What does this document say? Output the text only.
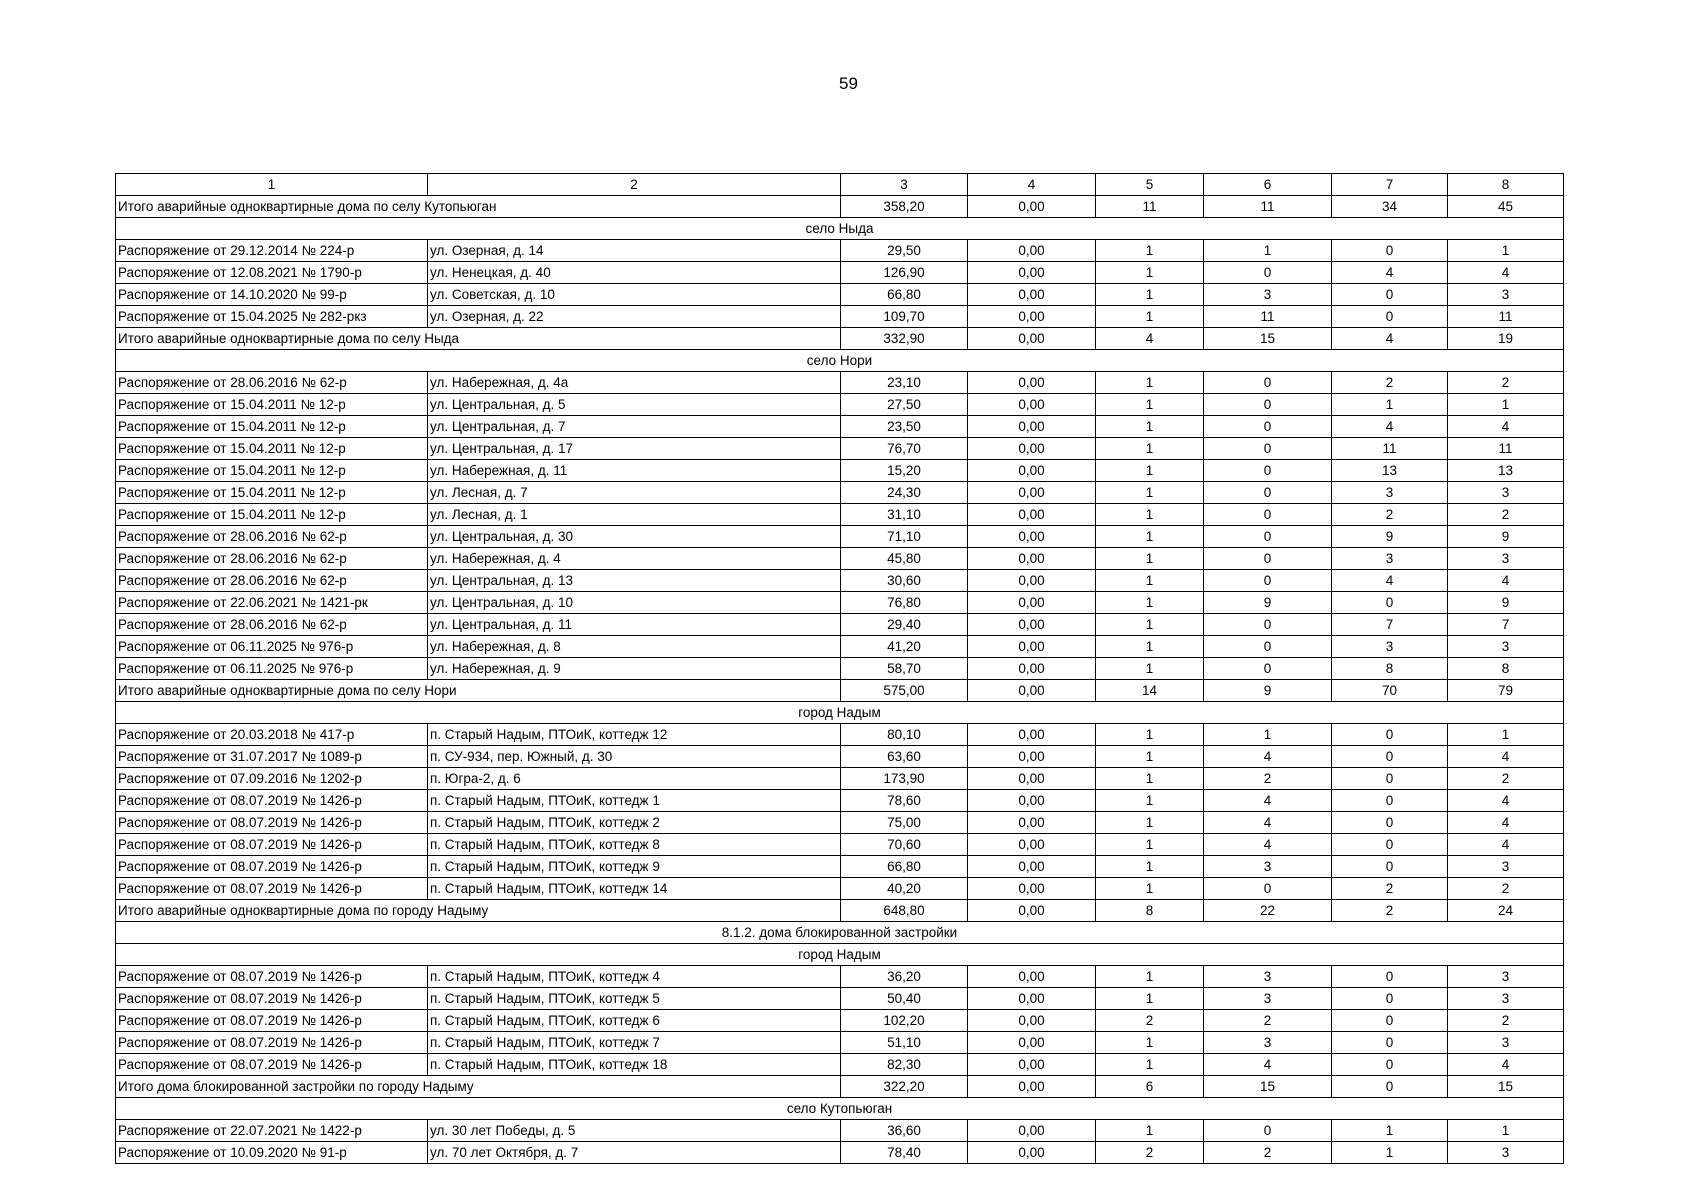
59
1	2	3	4	5	6	7	8
Итого аварийные одноквартирные дома по селу Кутопьюган		358,20	0,00	11	11	34	45
село Ныда							
Распоряжение от 29.12.2014 № 224-р	ул. Озерная, д. 14	29,50	0,00	1	1	0	1
Распоряжение от 12.08.2021 № 1790-р	ул. Ненецкая, д. 40	126,90	0,00	1	0	4	4
Распоряжение от 14.10.2020 № 99-р	ул. Советская, д. 10	66,80	0,00	1	3	0	3
Распоряжение от 15.04.2025 № 282-ркз	ул. Озерная, д. 22	109,70	0,00	1	11	0	11
Итого аварийные одноквартирные дома по селу Ныда		332,90	0,00	4	15	4	19
село Нори							
Распоряжение от 28.06.2016 № 62-р	ул. Набережная, д. 4а	23,10	0,00	1	0	2	2
Распоряжение от 15.04.2011 № 12-р	ул. Центральная, д. 5	27,50	0,00	1	0	1	1
Распоряжение от 15.04.2011 № 12-р	ул. Центральная, д. 7	23,50	0,00	1	0	4	4
Распоряжение от 15.04.2011 № 12-р	ул. Центральная, д. 17	76,70	0,00	1	0	11	11
Распоряжение от 15.04.2011 № 12-р	ул. Набережная, д. 11	15,20	0,00	1	0	13	13
Распоряжение от 15.04.2011 № 12-р	ул. Лесная, д. 7	24,30	0,00	1	0	3	3
Распоряжение от 15.04.2011 № 12-р	ул. Лесная, д. 1	31,10	0,00	1	0	2	2
Распоряжение от 28.06.2016 № 62-р	ул. Центральная, д. 30	71,10	0,00	1	0	9	9
Распоряжение от 28.06.2016 № 62-р	ул. Набережная, д. 4	45,80	0,00	1	0	3	3
Распоряжение от 28.06.2016 № 62-р	ул. Центральная, д. 13	30,60	0,00	1	0	4	4
Распоряжение от 22.06.2021 № 1421-рк	ул. Центральная, д. 10	76,80	0,00	1	9	0	9
Распоряжение от 28.06.2016 № 62-р	ул. Центральная, д. 11	29,40	0,00	1	0	7	7
Распоряжение от 06.11.2025 № 976-р	ул. Набережная, д. 8	41,20	0,00	1	0	3	3
Распоряжение от 06.11.2025 № 976-р	ул. Набережная, д. 9	58,70	0,00	1	0	8	8
Итого аварийные одноквартирные дома по селу Нори		575,00	0,00	14	9	70	79
город Надым							
Распоряжение от 20.03.2018 № 417-р	п. Старый Надым, ПТОиК, коттедж 12	80,10	0,00	1	1	0	1
Распоряжение от 31.07.2017 № 1089-р	п. СУ-934, пер. Южный, д. 30	63,60	0,00	1	4	0	4
Распоряжение от 07.09.2016 № 1202-р	п. Югра-2, д. 6	173,90	0,00	1	2	0	2
Распоряжение от 08.07.2019 № 1426-р	п. Старый Надым, ПТОиК, коттедж 1	78,60	0,00	1	4	0	4
Распоряжение от 08.07.2019 № 1426-р	п. Старый Надым, ПТОиК, коттедж 2	75,00	0,00	1	4	0	4
Распоряжение от 08.07.2019 № 1426-р	п. Старый Надым, ПТОиК, коттедж 8	70,60	0,00	1	4	0	4
Распоряжение от 08.07.2019 № 1426-р	п. Старый Надым, ПТОиК, коттедж 9	66,80	0,00	1	3	0	3
Распоряжение от 08.07.2019 № 1426-р	п. Старый Надым, ПТОиК, коттедж 14	40,20	0,00	1	0	2	2
Итого аварийные одноквартирные дома по городу Надыму		648,80	0,00	8	22	2	24
8.1.2. дома блокированной застройки							
город Надым							
Распоряжение от 08.07.2019 № 1426-р	п. Старый Надым, ПТОиК, коттедж 4	36,20	0,00	1	3	0	3
Распоряжение от 08.07.2019 № 1426-р	п. Старый Надым, ПТОиК, коттедж 5	50,40	0,00	1	3	0	3
Распоряжение от 08.07.2019 № 1426-р	п. Старый Надым, ПТОиК, коттедж 6	102,20	0,00	2	2	0	2
Распоряжение от 08.07.2019 № 1426-р	п. Старый Надым, ПТОиК, коттедж 7	51,10	0,00	1	3	0	3
Распоряжение от 08.07.2019 № 1426-р	п. Старый Надым, ПТОиК, коттедж 18	82,30	0,00	1	4	0	4
Итого дома блокированной застройки по городу Надыму		322,20	0,00	6	15	0	15
село Кутопьюган							
Распоряжение от 22.07.2021 № 1422-р	ул. 30 лет Победы, д. 5	36,60	0,00	1	0	1	1
Распоряжение от 10.09.2020 № 91-р	ул. 70 лет Октября, д. 7	78,40	0,00	2	2	1	3
